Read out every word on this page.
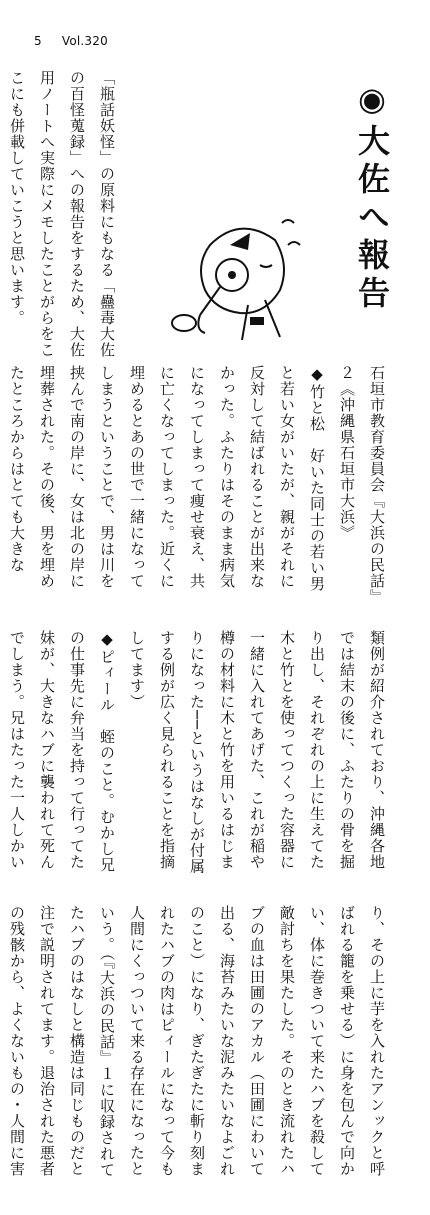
5 Vol.320
◉大佐へ報告
「瓶話妖怪」の原料にもなる「蠱毒大佐の百怪蒐録」への報告をするため、大佐用ノートへ実際にメモしたことがらをここにも併載していこうと思います。
石垣市教育委員会『大浜の民話』２《沖縄県石垣市大浜》
◆竹と松　好いた同士の若い男と若い女がいたが、親がそれに反対して結ばれることが出来なかった。ふたりはそのまま病気になってしまって痩せ衰え、共に亡くなってしまった。近くに埋めるとあの世で一緒になってしまうということで、男は川を挟んで南の岸に、女は北の岸に埋葬された。その後、男を埋めたところからはとても大きな
類例が紹介されており、沖縄各地では結末の後に、ふたりの骨を掘り出し、それぞれの上に生えてた木と竹とを使ってつくった容器に一緒に入れてあげた、これが稲や樽の材料に木と竹を用いるはじまりになった──というはなしが付属する例が広く見られることを指摘してます）
◆ピィール　蛭のこと。むかし兄の仕事先に弁当を持って行ってた妹が、大きなハブに襲われて死んでしまう。兄はたった一人しかい
り、その上に芋を入れたアンックと呼ばれる籠を乗せる）に身を包んで向かい、体に巻きついて来たハブを殺して敵討ちを果たした。そのとき流れたハブの血は田圃のアカル（田圃にわいて出る、海苔みたいな泥みたいなよごれのこと）になり、ぎたぎたに斬り刻まれたハブの肉はピィールになって今も人間にくっついて来る存在になったという。（『大浜の民話』１に収録されてたハブのはなしと構造は同じものだと注で説明されてます。退治された悪者の残骸から、よくないもの・人間に害
